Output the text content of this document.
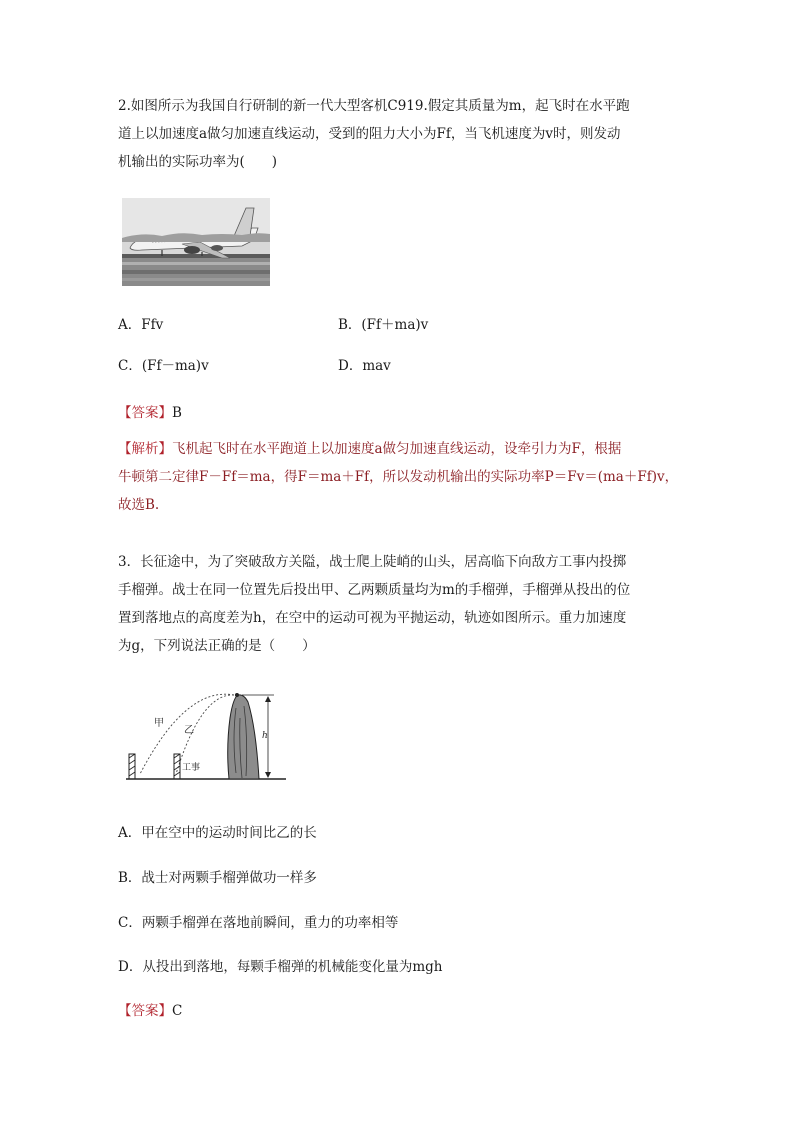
2.如图所示为我国自行研制的新一代大型客机C919.假定其质量为m，起飞时在水平跑
道上以加速度a做匀加速直线运动，受到的阻力大小为Ff，当飞机速度为v时，则发动
机输出的实际功率为(　　)
A．Ffv	B．(Ff＋ma)v
C．(Ff－ma)v	D．mav
【答案】B
【解析】飞机起飞时在水平跑道上以加速度a做匀加速直线运动，设牵引力为F，根据
牛顿第二定律F－Ff＝ma，得F＝ma＋Ff，所以发动机输出的实际功率P＝Fv＝(ma＋Ff)v，
故选B.
3．长征途中，为了突破敌方关隘，战士爬上陡峭的山头，居高临下向敌方工事内投掷
手榴弹。战士在同一位置先后投出甲、乙两颗质量均为m的手榴弹，手榴弹从投出的位
置到落地点的高度差为h，在空中的运动可视为平抛运动，轨迹如图所示。重力加速度
为g，下列说法正确的是（　　）
甲
乙
工事
h
A．甲在空中的运动时间比乙的长
B．战士对两颗手榴弹做功一样多
C．两颗手榴弹在落地前瞬间，重力的功率相等
D．从投出到落地，每颗手榴弹的机械能变化量为mgh
【答案】C
